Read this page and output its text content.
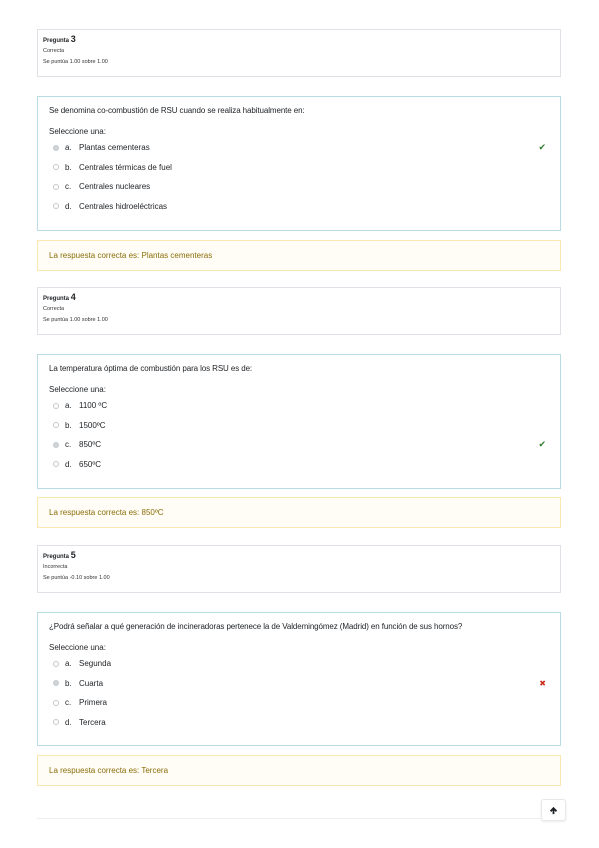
Pregunta 3
Correcta
Se puntúa 1.00 sobre 1.00
Se denomina co-combustión de RSU cuando se realiza habitualmente en:
Seleccione una:
a. Plantas cementeras	✔
b. Centrales térmicas de fuel
c. Centrales nucleares
d. Centrales hidroeléctricas
La respuesta correcta es: Plantas cementeras
Pregunta 4
Correcta
Se puntúa 1.00 sobre 1.00
La temperatura óptima de combustión para los RSU es de:
Seleccione una:
a. 1100 ºC
b. 1500ºC
c. 850ºC	✔
d. 650ºC
La respuesta correcta es: 850ºC
Pregunta 5
Incorrecta
Se puntúa -0.10 sobre 1.00
¿Podrá señalar a qué generación de incineradoras pertenece la de Valdemingómez (Madrid) en función de sus hornos?
Seleccione una:
a. Segunda
b. Cuarta	✖
c. Primera
d. Tercera
La respuesta correcta es: Tercera
